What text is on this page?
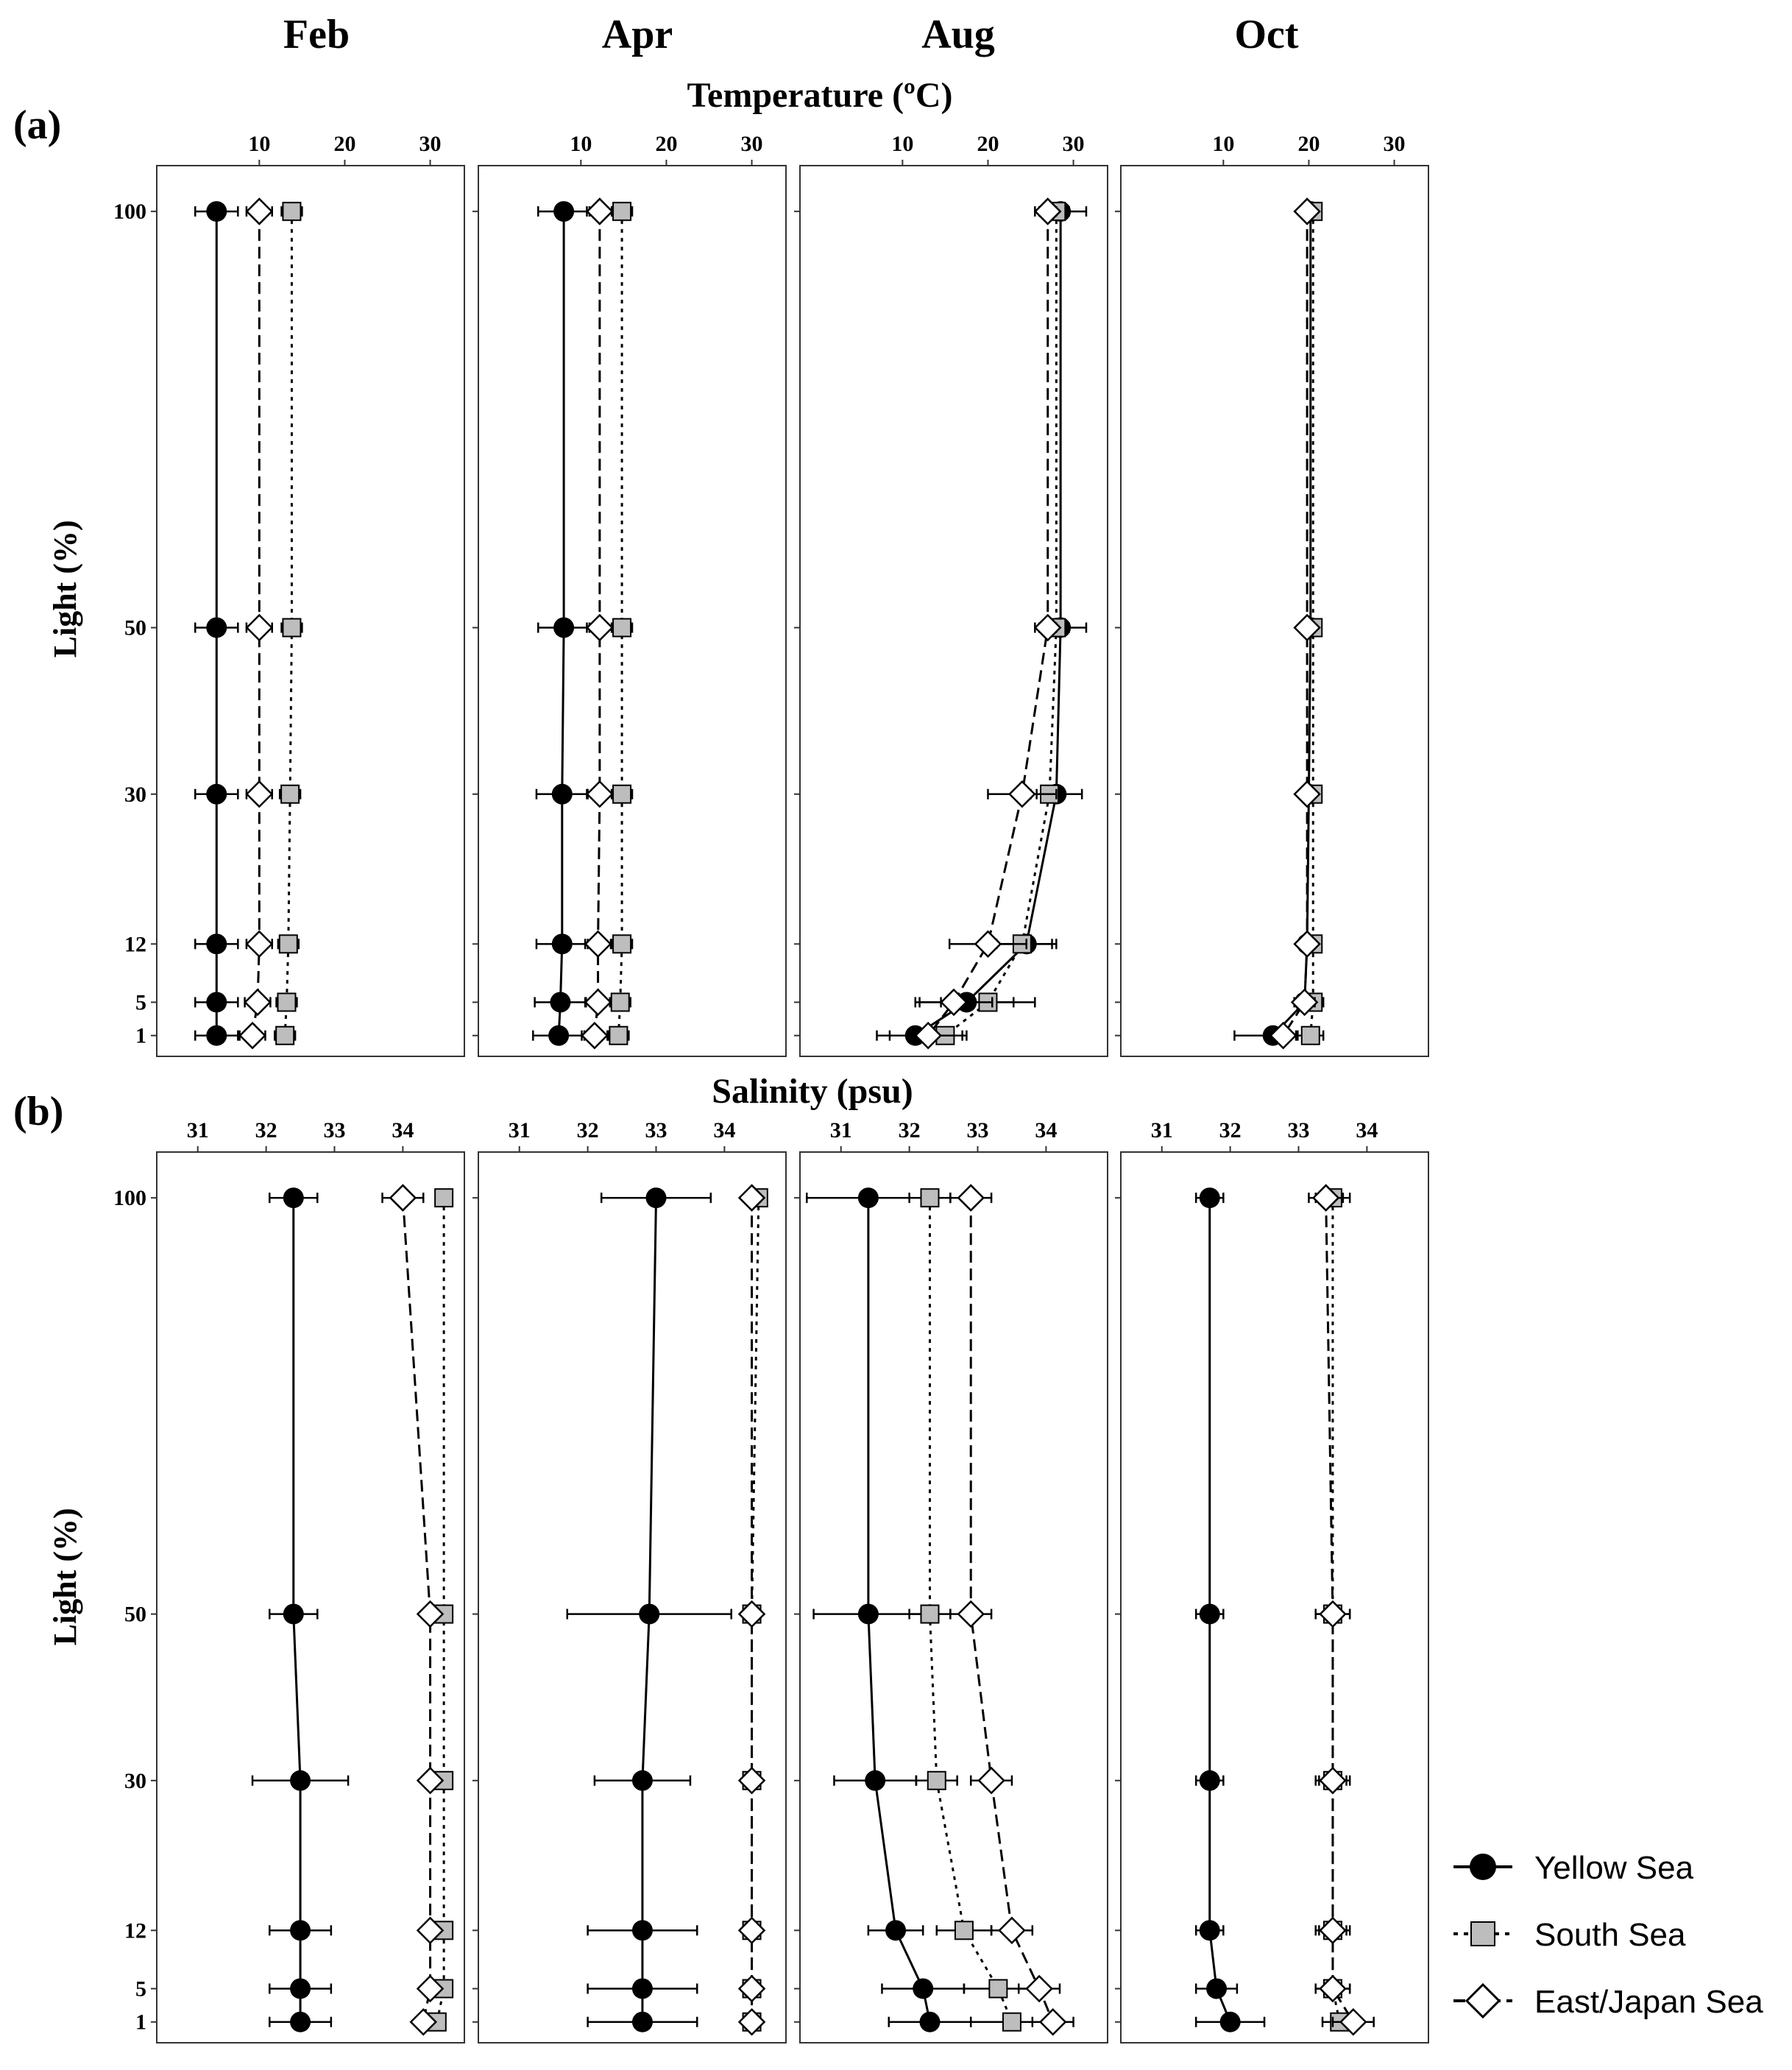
Feb	Apr	Aug	Oct
(a)
(b)
Temperature (ºC)
Salinity (psu)
Light (%)
Light (%)
10	20	30
1
5
12
30
50
100
10	20	30	10	20	30	10	20	30
31 32 33 34
1
5
12
30
50
100
31 32 33 34	31 32 33 34	31 32 33 34
Yellow Sea
South Sea
East/Japan Sea
